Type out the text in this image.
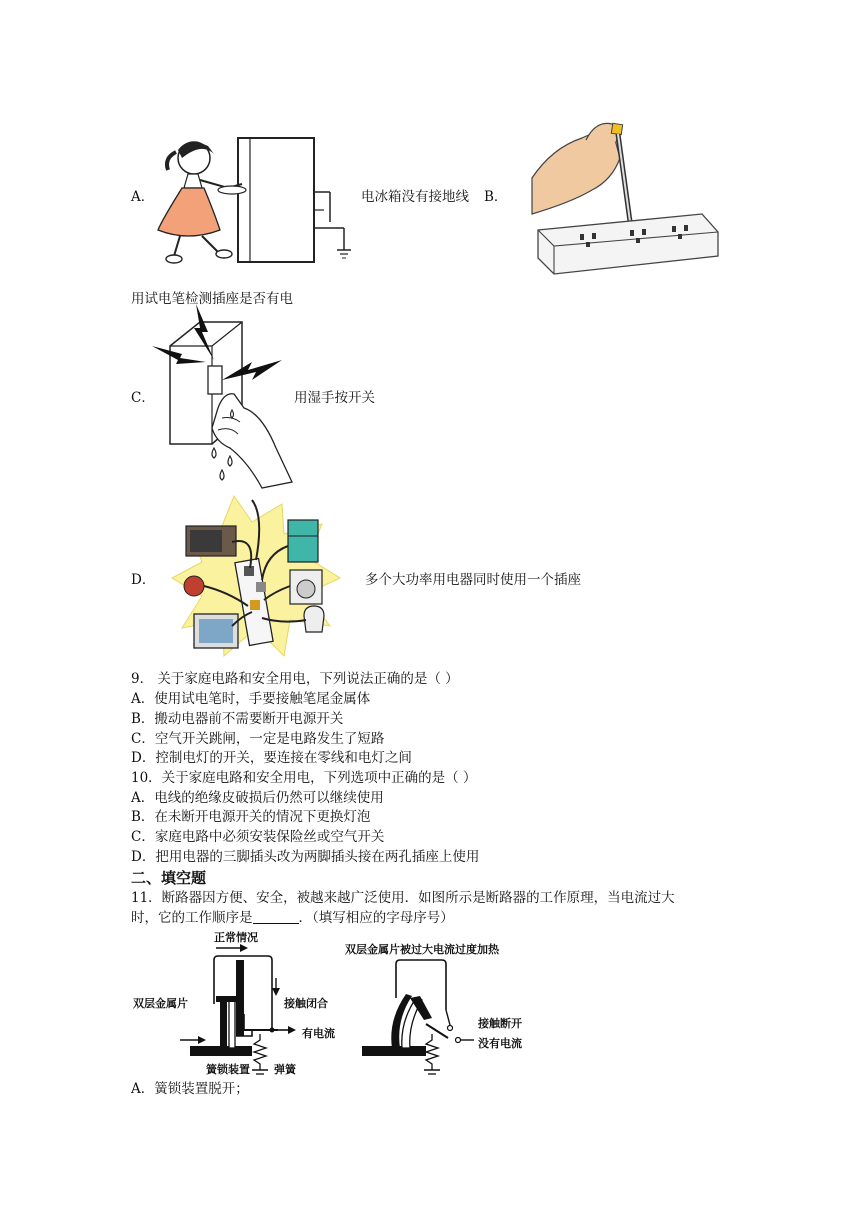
A．	电冰箱没有接地线 B．
用试电笔检测插座是否有电
C．	用湿手按开关
D．	多个大功率用电器同时使用一个插座
9． 关于家庭电路和安全用电，下列说法正确的是（ ）
A．使用试电笔时，手要接触笔尾金属体
B．搬动电器前不需要断开电源开关
C．空气开关跳闸，一定是电路发生了短路
D．控制电灯的开关，要连接在零线和电灯之间
10．关于家庭电路和安全用电，下列选项中正确的是（ ）
A．电线的绝缘皮破损后仍然可以继续使用
B．在未断开电源开关的情况下更换灯泡
C．家庭电路中必须安装保险丝或空气开关
D．把用电器的三脚插头改为两脚插头接在两孔插座上使用
二、填空题
11．断路器因方便、安全，被越来越广泛使用．如图所示是断路器的工作原理，当电流过大
时，它的工作顺序是	．（填写相应的字母序号）
正常情况
双层金属片	接触闭合
有电流
簧锁装置 弹簧
双层金属片被过大电流过度加热
接触断开
没有电流
A．簧锁装置脱开；
